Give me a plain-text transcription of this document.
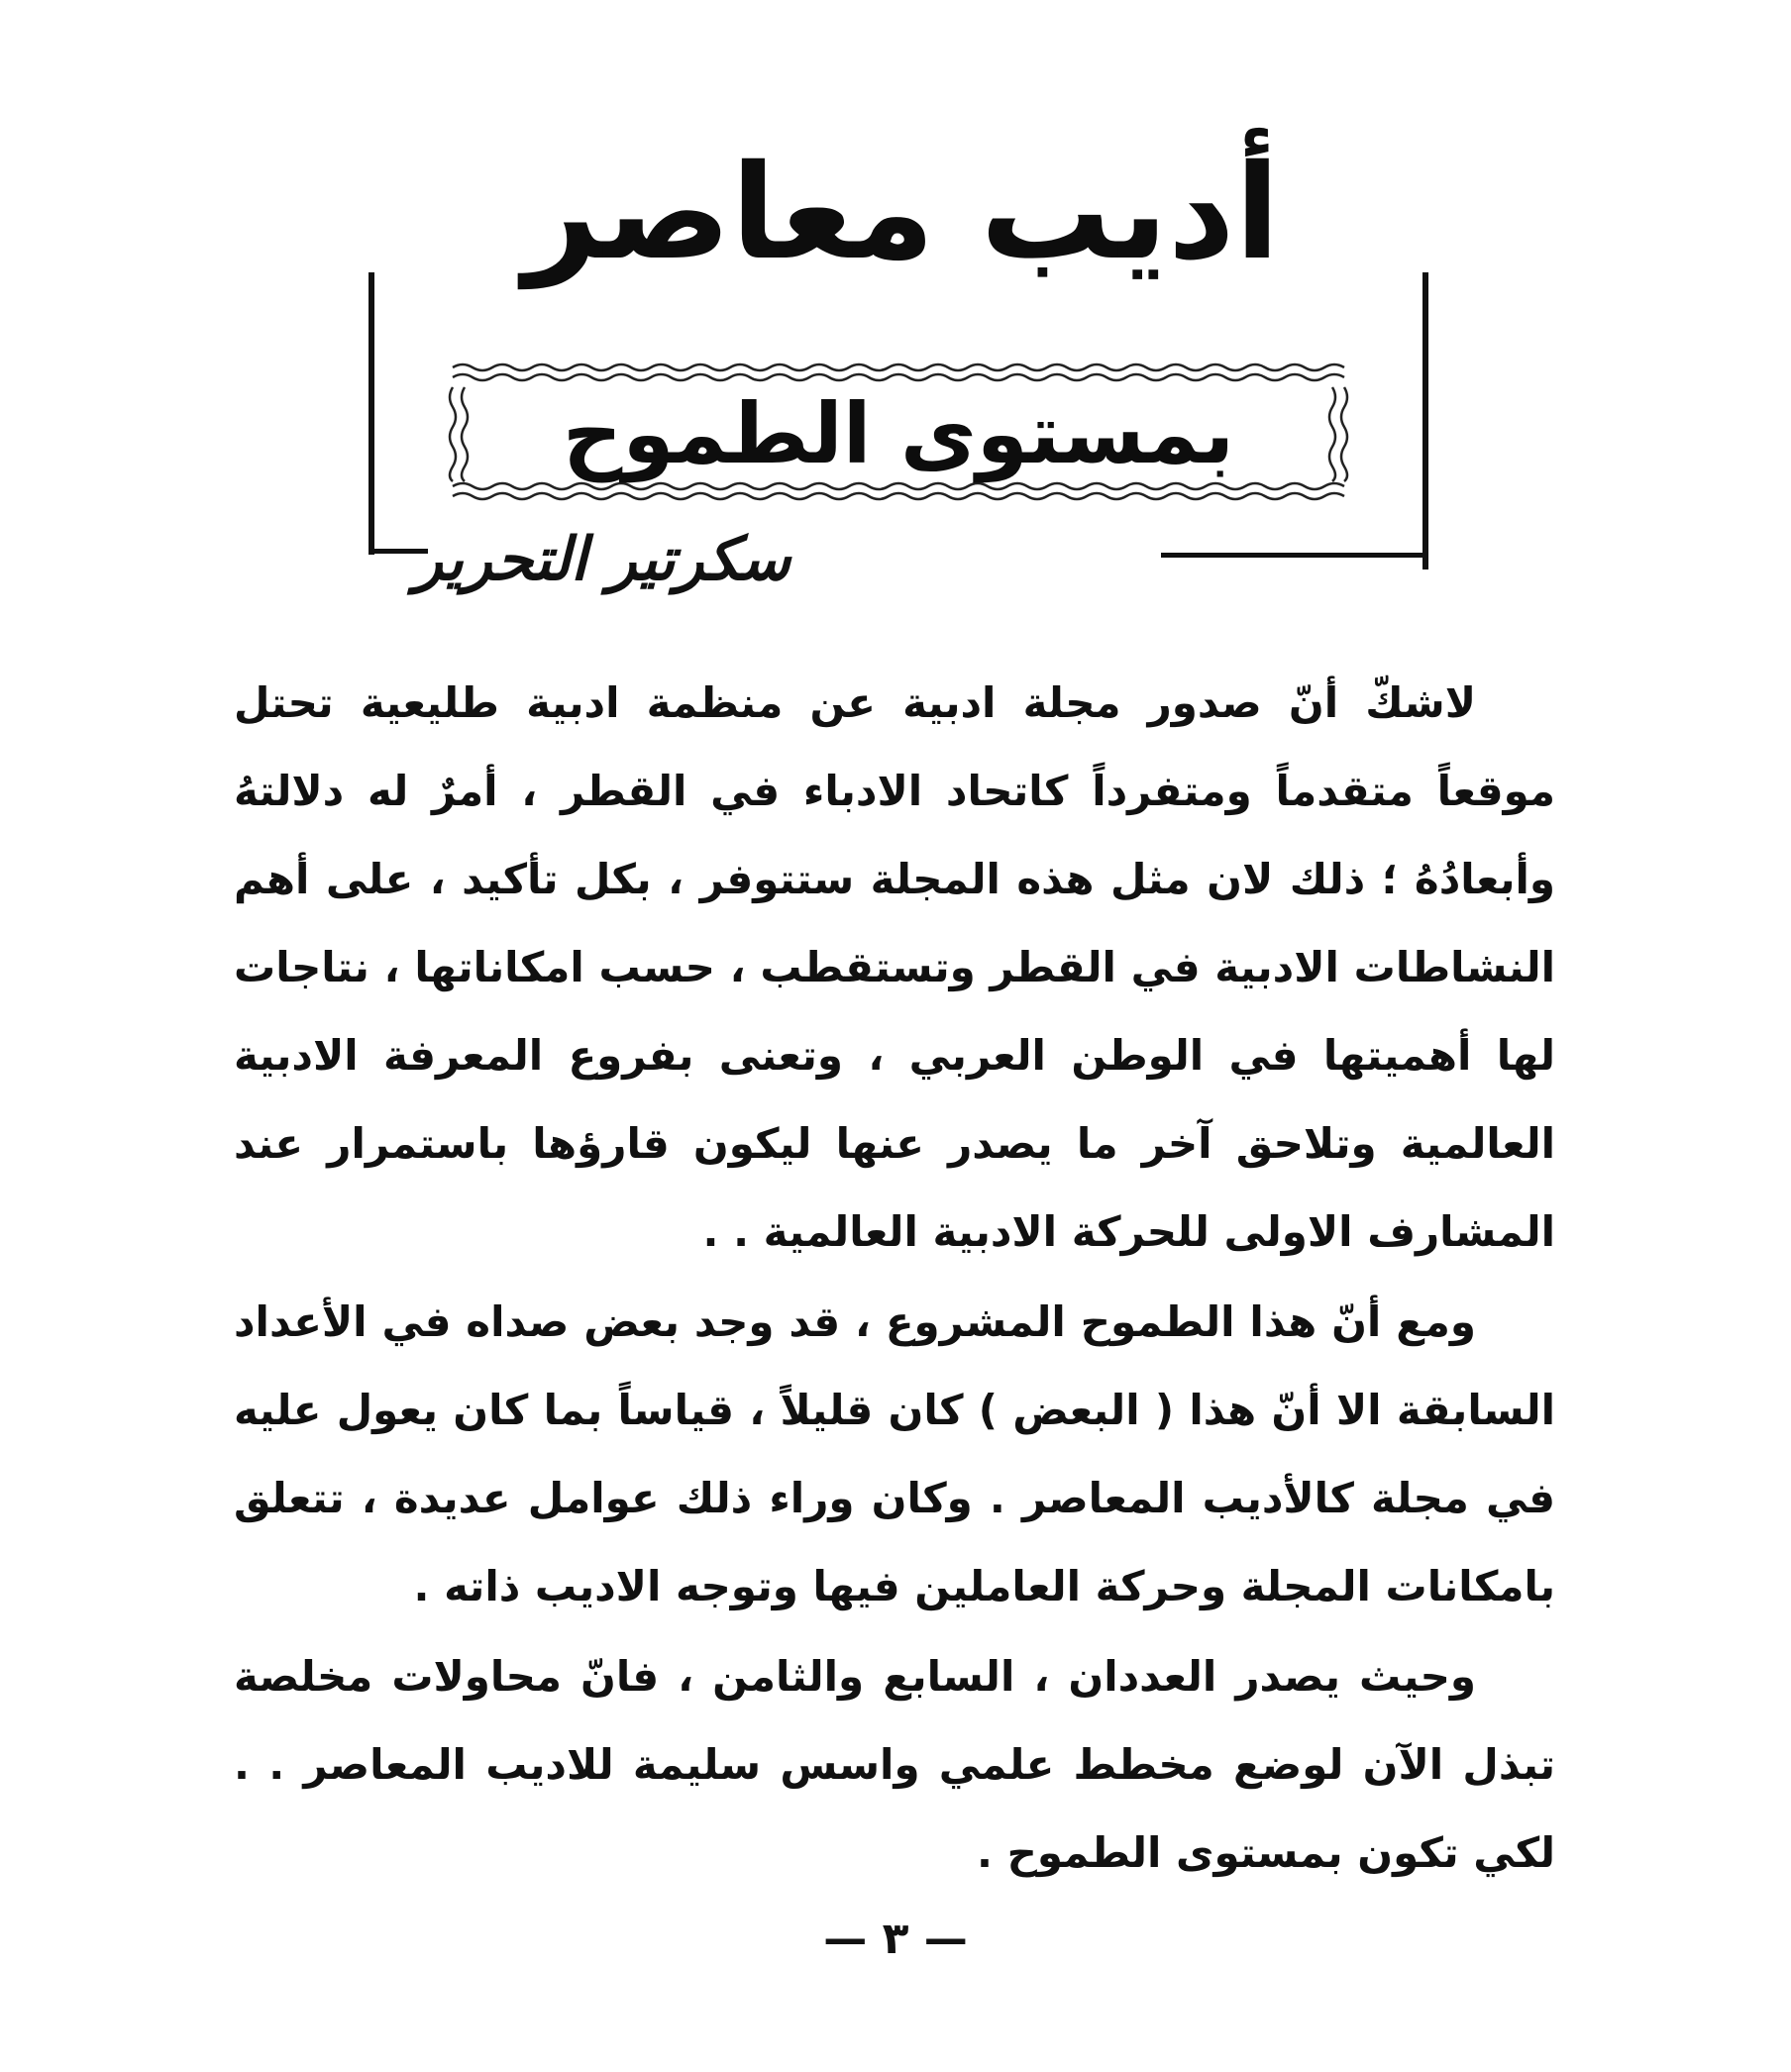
أديب معاصر
بمستوى الطموح
سكرتير التحرير

لاشكّ أنّ صدور مجلة ادبية عن منظمة ادبية طليعية تحتل موقعاً متقدماً ومتفرداً كاتحاد الادباء في القطر ، أمرٌ له دلالتهُ وأبعادُهُ ؛ ذلك لان مثل هذه المجلة ستتوفر ، بكل تأكيد ، على أهم النشاطات الادبية في القطر وتستقطب ، حسب امكاناتها ، نتاجات لها أهميتها في الوطن العربي ، وتعنى بفروع المعرفة الادبية العالمية وتلاحق آخر ما يصدر عنها ليكون قارؤها باستمرار عند المشارف الاولى للحركة الادبية العالمية . .

ومع أنّ هذا الطموح المشروع ، قد وجد بعض صداه في الأعداد السابقة الا أنّ هذا ( البعض ) كان قليلاً ، قياساً بما كان يعول عليه في مجلة كالأديب المعاصر . وكان وراء ذلك عوامل عديدة ، تتعلق بامكانات المجلة وحركة العاملين فيها وتوجه الاديب ذاته .

وحيث يصدر العددان ، السابع والثامن ، فانّ محاولات مخلصة تبذل الآن لوضع مخطط علمي واسس سليمة للاديب المعاصر . . لكي تكون بمستوى الطموح .

— ٣ —
